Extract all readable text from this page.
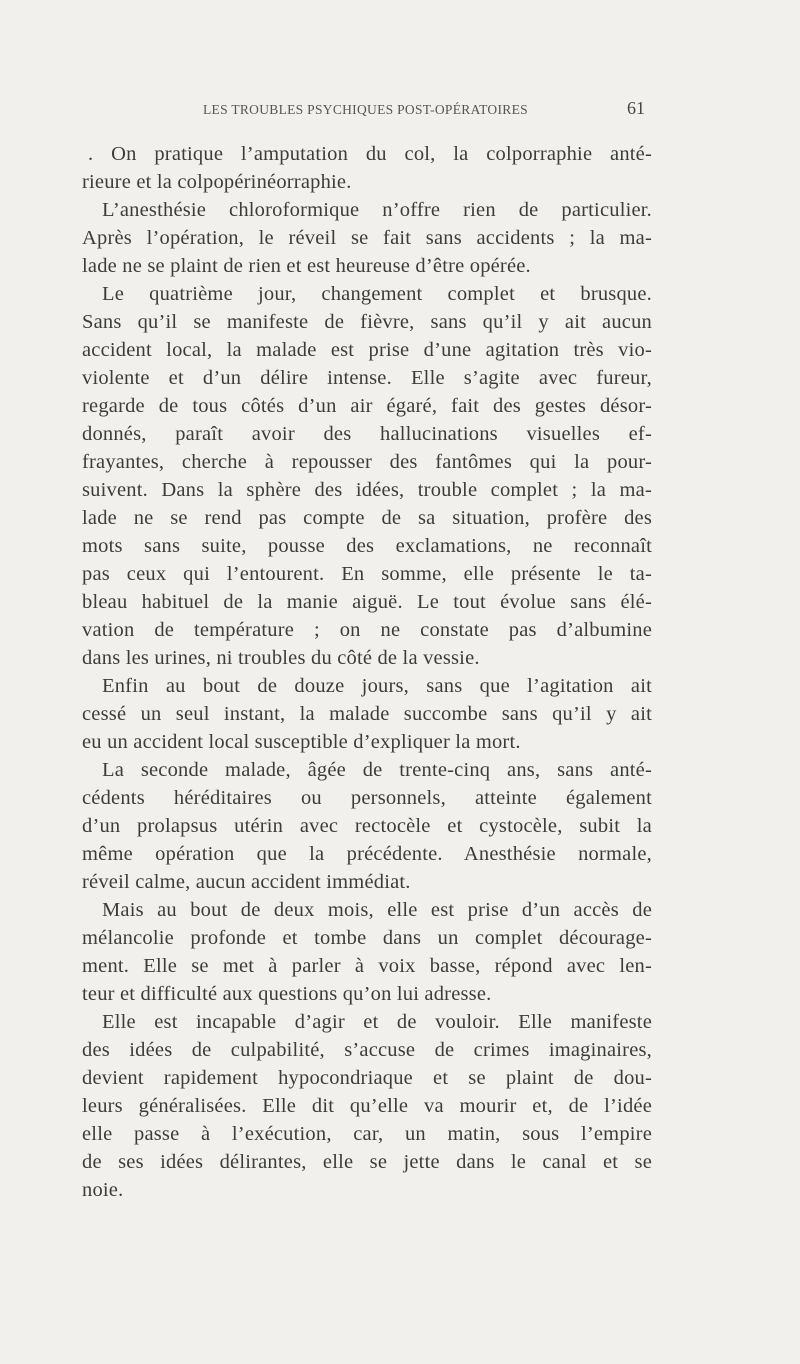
LES TROUBLES PSYCHIQUES POST-OPÉRATOIRES	61
. On pratique l’amputation du col, la colporraphie anté-
rieure et la colpopérinéorraphie.
L’anesthésie chloroformique n’offre rien de particulier.
Après l’opération, le réveil se fait sans accidents ; la ma-
lade ne se plaint de rien et est heureuse d’être opérée.
Le quatrième jour, changement complet et brusque.
Sans qu’il se manifeste de fièvre, sans qu’il y ait aucun
accident local, la malade est prise d’une agitation très vio-
violente et d’un délire intense. Elle s’agite avec fureur,
regarde de tous côtés d’un air égaré, fait des gestes désor-
donnés, paraît avoir des hallucinations visuelles ef-
frayantes, cherche à repousser des fantômes qui la pour-
suivent. Dans la sphère des idées, trouble complet ; la ma-
lade ne se rend pas compte de sa situation, profère des
mots sans suite, pousse des exclamations, ne reconnaît
pas ceux qui l’entourent. En somme, elle présente le ta-
bleau habituel de la manie aiguë. Le tout évolue sans élé-
vation de température ; on ne constate pas d’albumine
dans les urines, ni troubles du côté de la vessie.
Enfin au bout de douze jours, sans que l’agitation ait
cessé un seul instant, la malade succombe sans qu’il y ait
eu un accident local susceptible d’expliquer la mort.
La seconde malade, âgée de trente-cinq ans, sans anté-
cédents héréditaires ou personnels, atteinte également
d’un prolapsus utérin avec rectocèle et cystocèle, subit la
même opération que la précédente. Anesthésie normale,
réveil calme, aucun accident immédiat.
Mais au bout de deux mois, elle est prise d’un accès de
mélancolie profonde et tombe dans un complet décourage-
ment. Elle se met à parler à voix basse, répond avec len-
teur et difficulté aux questions qu’on lui adresse.
Elle est incapable d’agir et de vouloir. Elle manifeste
des idées de culpabilité, s’accuse de crimes imaginaires,
devient rapidement hypocondriaque et se plaint de dou-
leurs généralisées. Elle dit qu’elle va mourir et, de l’idée
elle passe à l’exécution, car, un matin, sous l’empire
de ses idées délirantes, elle se jette dans le canal et se
noie.
